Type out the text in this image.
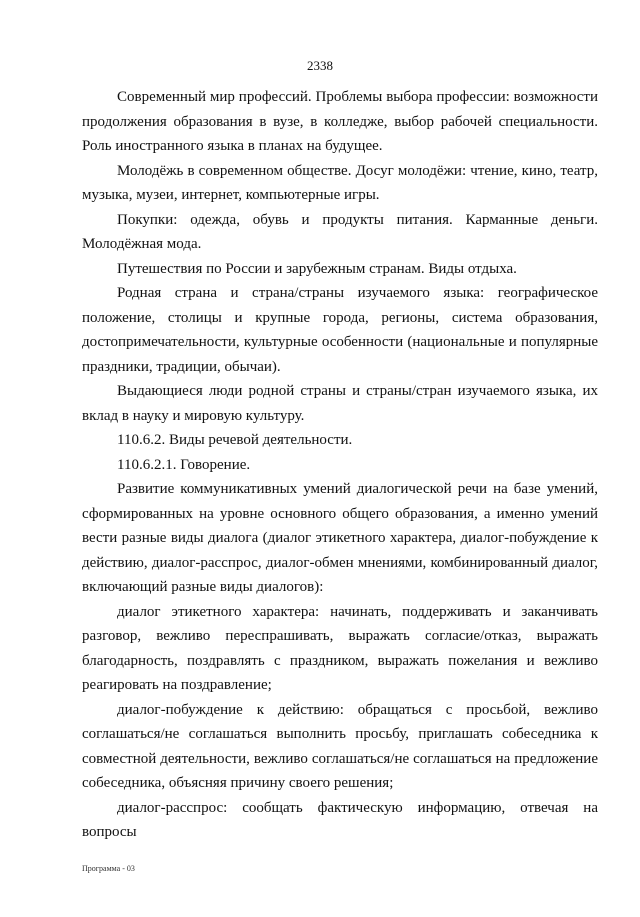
2338

Современный мир профессий. Проблемы выбора профессии: возможности продолжения образования в вузе, в колледже, выбор рабочей специальности. Роль иностранного языка в планах на будущее.

Молодёжь в современном обществе. Досуг молодёжи: чтение, кино, театр, музыка, музеи, интернет, компьютерные игры.

Покупки: одежда, обувь и продукты питания. Карманные деньги. Молодёжная мода.

Путешествия по России и зарубежным странам. Виды отдыха.

Родная страна и страна/страны изучаемого языка: географическое положение, столицы и крупные города, регионы, система образования, достопримечательности, культурные особенности (национальные и популярные праздники, традиции, обычаи).

Выдающиеся люди родной страны и страны/стран изучаемого языка, их вклад в науку и мировую культуру.

110.6.2. Виды речевой деятельности.

110.6.2.1. Говорение.

Развитие коммуникативных умений диалогической речи на базе умений, сформированных на уровне основного общего образования, а именно умений вести разные виды диалога (диалог этикетного характера, диалог-побуждение к действию, диалог-расспрос, диалог-обмен мнениями, комбинированный диалог, включающий разные виды диалогов):

диалог этикетного характера: начинать, поддерживать и заканчивать разговор, вежливо переспрашивать, выражать согласие/отказ, выражать благодарность, поздравлять с праздником, выражать пожелания и вежливо реагировать на поздравление;

диалог-побуждение к действию: обращаться с просьбой, вежливо соглашаться/не соглашаться выполнить просьбу, приглашать собеседника к совместной деятельности, вежливо соглашаться/не соглашаться на предложение собеседника, объясняя причину своего решения;

диалог-расспрос: сообщать фактическую информацию, отвечая на вопросы

Программа - 03
